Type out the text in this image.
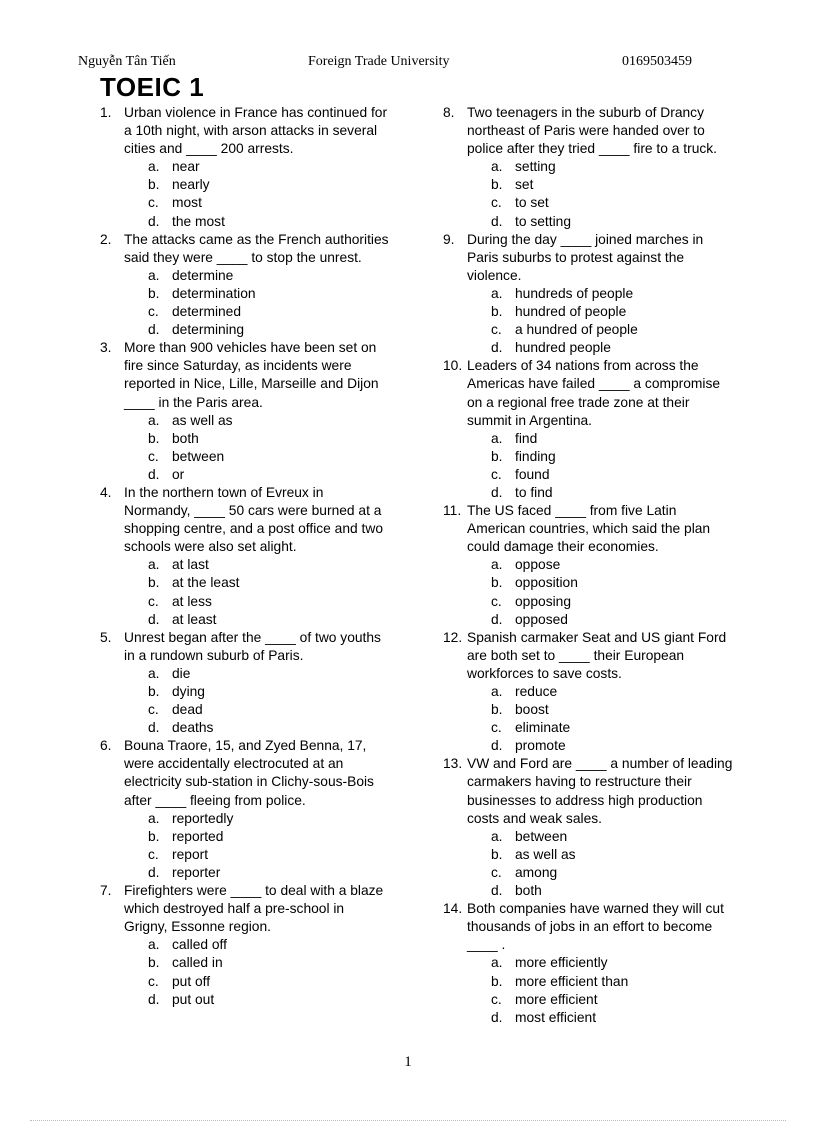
Nguyễn Tân Tiến	Foreign Trade University	0169503459
TOEIC 1
1. Urban violence in France has continued for a 10th night, with arson attacks in several cities and ____ 200 arrests.
a. near
b. nearly
c. most
d. the most
2. The attacks came as the French authorities said they were ____ to stop the unrest.
a. determine
b. determination
c. determined
d. determining
3. More than 900 vehicles have been set on fire since Saturday, as incidents were reported in Nice, Lille, Marseille and Dijon ____ in the Paris area.
a. as well as
b. both
c. between
d. or
4. In the northern town of Evreux in Normandy, ____ 50 cars were burned at a shopping centre, and a post office and two schools were also set alight.
a. at last
b. at the least
c. at less
d. at least
5. Unrest began after the ____ of two youths in a rundown suburb of Paris.
a. die
b. dying
c. dead
d. deaths
6. Bouna Traore, 15, and Zyed Benna, 17, were accidentally electrocuted at an electricity sub-station in Clichy-sous-Bois after ____ fleeing from police.
a. reportedly
b. reported
c. report
d. reporter
7. Firefighters were ____ to deal with a blaze which destroyed half a pre-school in Grigny, Essonne region.
a. called off
b. called in
c. put off
d. put out
8. Two teenagers in the suburb of Drancy northeast of Paris were handed over to police after they tried ____ fire to a truck.
a. setting
b. set
c. to set
d. to setting
9. During the day ____ joined marches in Paris suburbs to protest against the violence.
a. hundreds of people
b. hundred of people
c. a hundred of people
d. hundred people
10. Leaders of 34 nations from across the Americas have failed ____ a compromise on a regional free trade zone at their summit in Argentina.
a. find
b. finding
c. found
d. to find
11. The US faced ____ from five Latin American countries, which said the plan could damage their economies.
a. oppose
b. opposition
c. opposing
d. opposed
12. Spanish carmaker Seat and US giant Ford are both set to ____ their European workforces to save costs.
a. reduce
b. boost
c. eliminate
d. promote
13. VW and Ford are ____ a number of leading carmakers having to restructure their businesses to address high production costs and weak sales.
a. between
b. as well as
c. among
d. both
14. Both companies have warned they will cut thousands of jobs in an effort to become ____ .
a. more efficiently
b. more efficient than
c. more efficient
d. most efficient
1
